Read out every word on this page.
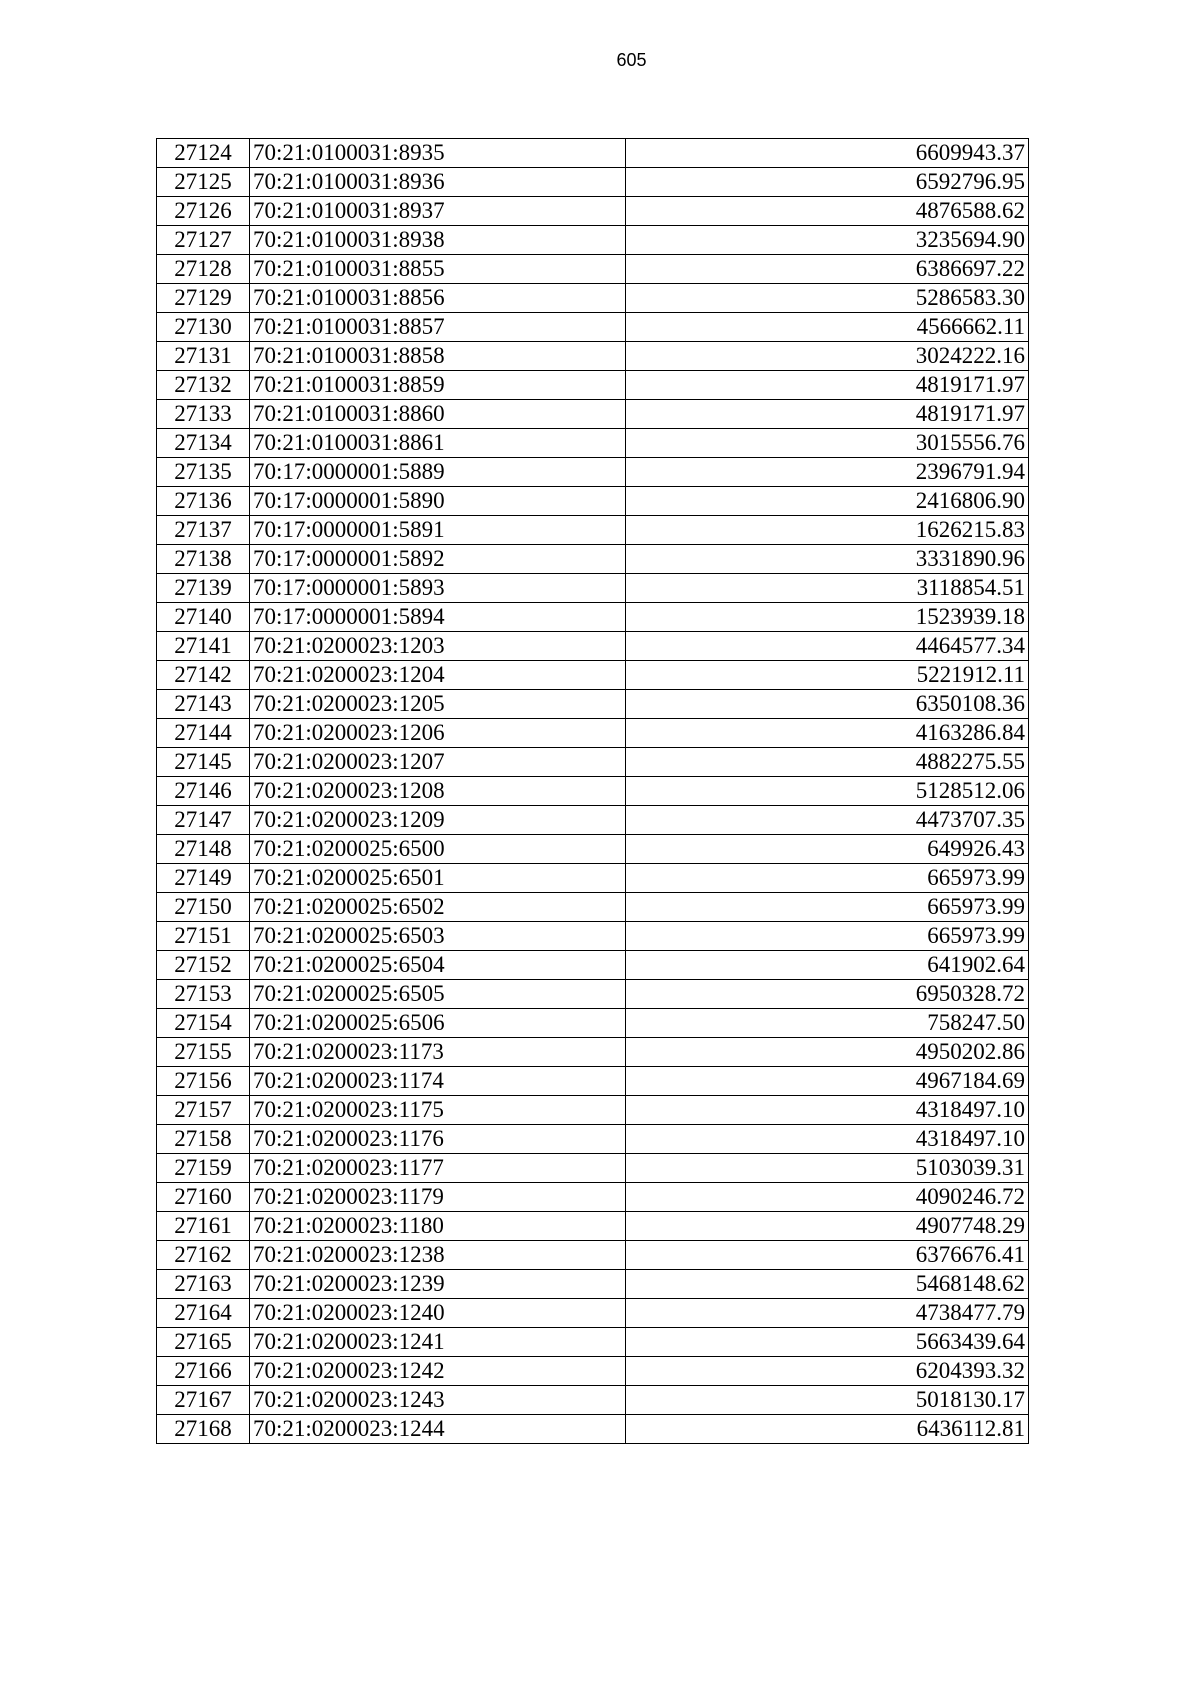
605
27124	70:21:0100031:8935	6609943.37
27125	70:21:0100031:8936	6592796.95
27126	70:21:0100031:8937	4876588.62
27127	70:21:0100031:8938	3235694.90
27128	70:21:0100031:8855	6386697.22
27129	70:21:0100031:8856	5286583.30
27130	70:21:0100031:8857	4566662.11
27131	70:21:0100031:8858	3024222.16
27132	70:21:0100031:8859	4819171.97
27133	70:21:0100031:8860	4819171.97
27134	70:21:0100031:8861	3015556.76
27135	70:17:0000001:5889	2396791.94
27136	70:17:0000001:5890	2416806.90
27137	70:17:0000001:5891	1626215.83
27138	70:17:0000001:5892	3331890.96
27139	70:17:0000001:5893	3118854.51
27140	70:17:0000001:5894	1523939.18
27141	70:21:0200023:1203	4464577.34
27142	70:21:0200023:1204	5221912.11
27143	70:21:0200023:1205	6350108.36
27144	70:21:0200023:1206	4163286.84
27145	70:21:0200023:1207	4882275.55
27146	70:21:0200023:1208	5128512.06
27147	70:21:0200023:1209	4473707.35
27148	70:21:0200025:6500	649926.43
27149	70:21:0200025:6501	665973.99
27150	70:21:0200025:6502	665973.99
27151	70:21:0200025:6503	665973.99
27152	70:21:0200025:6504	641902.64
27153	70:21:0200025:6505	6950328.72
27154	70:21:0200025:6506	758247.50
27155	70:21:0200023:1173	4950202.86
27156	70:21:0200023:1174	4967184.69
27157	70:21:0200023:1175	4318497.10
27158	70:21:0200023:1176	4318497.10
27159	70:21:0200023:1177	5103039.31
27160	70:21:0200023:1179	4090246.72
27161	70:21:0200023:1180	4907748.29
27162	70:21:0200023:1238	6376676.41
27163	70:21:0200023:1239	5468148.62
27164	70:21:0200023:1240	4738477.79
27165	70:21:0200023:1241	5663439.64
27166	70:21:0200023:1242	6204393.32
27167	70:21:0200023:1243	5018130.17
27168	70:21:0200023:1244	6436112.81
